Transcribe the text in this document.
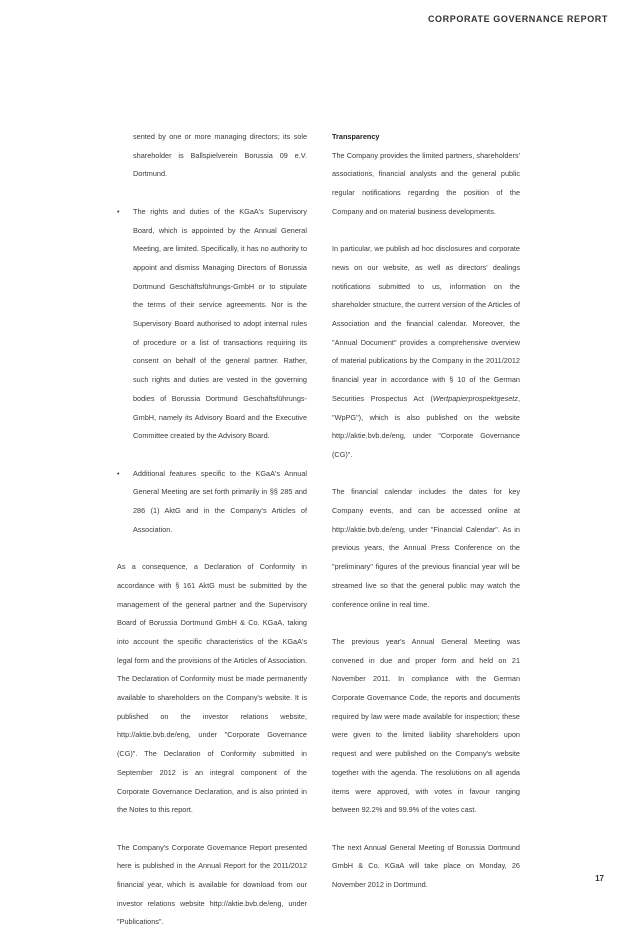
CORPORATE GOVERNANCE REPORT

sented by one or more managing directors; its sole shareholder is Ballspielverein Borussia 09 e.V. Dortmund.

• The rights and duties of the KGaA's Supervisory Board, which is appointed by the Annual General Meeting, are limited. Specifically, it has no authority to appoint and dismiss Managing Directors of Borussia Dortmund Geschäftsführungs-GmbH or to stipulate the terms of their service agreements. Nor is the Supervisory Board authorised to adopt internal rules of procedure or a list of transactions requiring its consent on behalf of the general partner. Rather, such rights and duties are vested in the governing bodies of Borussia Dortmund Geschäftsführungs-GmbH, namely its Advisory Board and the Executive Committee created by the Advisory Board.
• Additional features specific to the KGaA's Annual General Meeting are set forth primarily in §§ 285 and 286 (1) AktG and in the Company's Articles of Association.

As a consequence, a Declaration of Conformity in accordance with § 161 AktG must be submitted by the management of the general partner and the Supervisory Board of Borussia Dortmund GmbH & Co. KGaA, taking into account the specific characteristics of the KGaA's legal form and the provisions of the Articles of Association. The Declaration of Conformity must be made permanently available to shareholders on the Company's website. It is published on the investor relations website, http://aktie.bvb.de/eng, under "Corporate Governance (CG)". The Declaration of Conformity submitted in September 2012 is an integral component of the Corporate Governance Declaration, and is also printed in the Notes to this report.

The Company's Corporate Governance Report presented here is published in the Annual Report for the 2011/2012 financial year, which is available for download from our investor relations website http://aktie.bvb.de/eng, under "Publications".

Transparency

The Company provides the limited partners, shareholders' associations, financial analysts and the general public regular notifications regarding the position of the Company and on material business developments.

In particular, we publish ad hoc disclosures and corporate news on our website, as well as directors' dealings notifications submitted to us, information on the shareholder structure, the current version of the Articles of Association and the financial calendar. Moreover, the "Annual Document" provides a comprehensive overview of material publications by the Company in the 2011/2012 financial year in accordance with § 10 of the German Securities Prospectus Act (Wertpapierprospektgesetz, "WpPG"), which is also published on the website http://aktie.bvb.de/eng, under "Corporate Governance (CG)".

The financial calendar includes the dates for key Company events, and can be accessed online at http://aktie.bvb.de/eng, under "Financial Calendar". As in previous years, the Annual Press Conference on the "preliminary" figures of the previous financial year will be streamed live so that the general public may watch the conference online in real time.

The previous year's Annual General Meeting was convened in due and proper form and held on 21 November 2011. In compliance with the German Corporate Governance Code, the reports and documents required by law were made available for inspection; these were given to the limited liability shareholders upon request and were published on the Company's website together with the agenda. The resolutions on all agenda items were approved, with votes in favour ranging between 92.2% and 99.9% of the votes cast.

The next Annual General Meeting of Borussia Dortmund GmbH & Co. KGaA will take place on Monday, 26 November 2012 in Dortmund.

17
